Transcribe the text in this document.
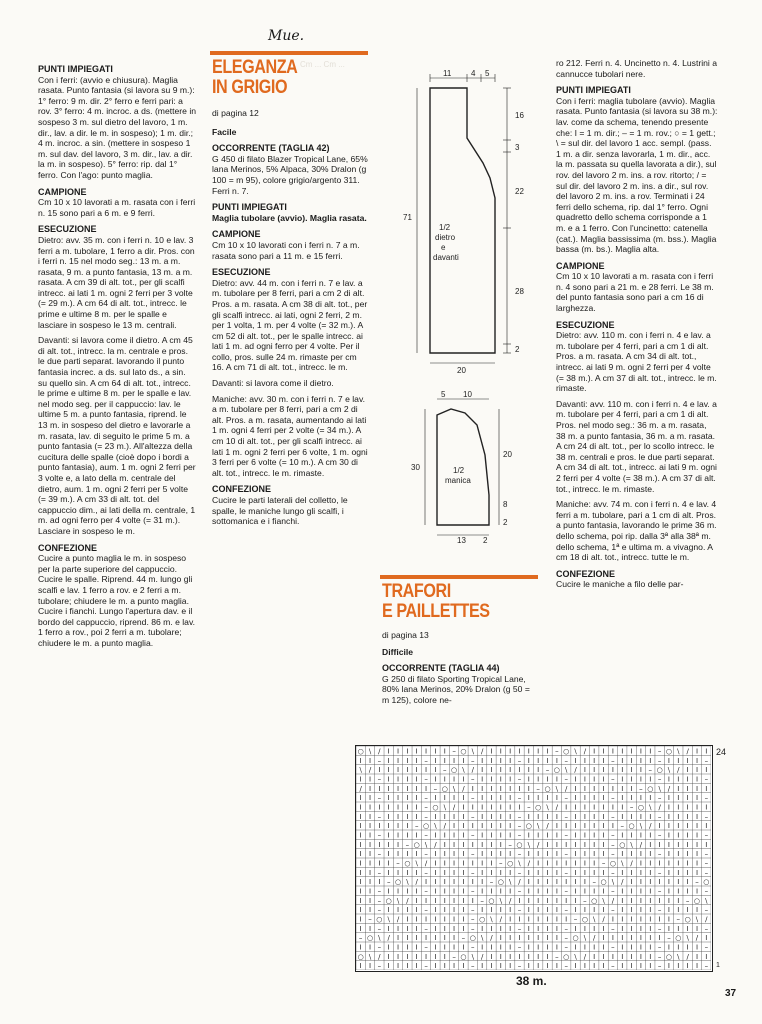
Cm ... Cm ...
Mue.
PUNTI IMPIEGATI

Con i ferri: (avvio e chiusura). Maglia rasata. Punto fantasia (si lavora su 9 m.): 1° ferro: 9 m. dir. 2° ferro e ferri pari: a rov. 3° ferro: 4 m. incroc. a ds. (mettere in sospeso 3 m. sul dietro del lavoro, 1 m. dir., lav. a dir. le m. in sospeso); 1 m. dir.; 4 m. incroc. a sin. (mettere in sospeso 1 m. sul dav. del lavoro, 3 m. dir., lav. a dir. la m. in sospeso). 5° ferro: rip. dal 1° ferro. Con l'ago: punto maglia.

CAMPIONE

Cm 10 x 10 lavorati a m. rasata con i ferri n. 15 sono pari a 6 m. e 9 ferri.

ESECUZIONE

Dietro: avv. 35 m. con i ferri n. 10 e lav. 3 ferri a m. tubolare, 1 ferro a dir. Pros. con i ferri n. 15 nel modo seg.: 13 m. a m. rasata, 9 m. a punto fantasia, 13 m. a m. rasata. A cm 39 di alt. tot., per gli scalfi intrecc. ai lati 1 m. ogni 2 ferri per 3 volte (= 29 m.). A cm 64 di alt. tot., intrecc. le prime e ultime 8 m. per le spalle e lasciare in sospeso le 13 m. centrali.

Davanti: si lavora come il dietro. A cm 45 di alt. tot., intrecc. la m. centrale e pros. le due parti separat. lavorando il punto fantasia increc. a ds. sul lato ds., a sin. su quello sin. A cm 64 di alt. tot., intrecc. le prime e ultime 8 m. per le spalle e lav. nel modo seg. per il cappuccio: lav. le ultime 5 m. a punto fantasia, riprend. le 13 m. in sospeso del dietro e lavorarle a m. rasata, lav. di seguito le prime 5 m. a punto fantasia (= 23 m.). All'altezza della cucitura delle spalle (cioè dopo i bordi a punto fantasia), aum. 1 m. ogni 2 ferri per 3 volte e, a lato della m. centrale del dietro, aum. 1 m. ogni 2 ferri per 5 volte (= 39 m.). A cm 33 di alt. tot. del cappuccio dim., ai lati della m. centrale, 1 m. ad ogni ferro per 4 volte (= 31 m.). Lasciare in sospeso le m.

CONFEZIONE

Cucire a punto maglia le m. in sospeso per la parte superiore del cappuccio. Cucire le spalle. Riprend. 44 m. lungo gli scalfi e lav. 1 ferro a rov. e 2 ferri a m. tubolare; chiudere le m. a punto maglia. Cucire i fianchi. Lungo l'apertura dav. e il bordo del cappuccio, riprend. 86 m. e lav. 1 ferro a rov., poi 2 ferri a m. tubolare; chiudere le m. a punto maglia.

ELEGANZA
IN GRIGIO

di pagina 12

Facile

OCCORRENTE (TAGLIA 42)

G 450 di filato Blazer Tropical Lane, 65% lana Merinos, 5% Alpaca, 30% Dralon (g 100 = m 95), colore grigio/argento 311. Ferri n. 7.

PUNTI IMPIEGATI

Maglia tubolare (avvio). Maglia rasata.

CAMPIONE

Cm 10 x 10 lavorati con i ferri n. 7 a m. rasata sono pari a 11 m. e 15 ferri.

ESECUZIONE

Dietro: avv. 44 m. con i ferri n. 7 e lav. a m. tubolare per 8 ferri, pari a cm 2 di alt. Pros. a m. rasata. A cm 38 di alt. tot., per gli scalfi intrecc. ai lati, ogni 2 ferri, 2 m. per 1 volta, 1 m. per 4 volte (= 32 m.). A cm 52 di alt. tot., per le spalle intrecc. ai lati 1 m. ad ogni ferro per 4 volte. Per il collo, pros. sulle 24 m. rimaste per cm 16. A cm 71 di alt. tot., intrecc. le m.

Davanti: si lavora come il dietro.

Maniche: avv. 30 m. con i ferri n. 7 e lav. a m. tubolare per 8 ferri, pari a cm 2 di alt. Pros. a m. rasata, aumentando ai lati 1 m. ogni 4 ferri per 2 volte (= 34 m.). A cm 10 di alt. tot., per gli scalfi intrecc. ai lati 1 m. ogni 2 ferri per 6 volte, 1 m. ogni 3 ferri per 6 volte (= 10 m.). A cm 30 di alt. tot., intrecc. le m. rimaste.

CONFEZIONE

Cucire le parti laterali del colletto, le spalle, le maniche lungo gli scalfi, i sottomanica e i fianchi.

11 4 5
16
3
22
28
2
71
1/2
dietro
e
davanti
20
5 10
20
8
2
30	1/2
manica
13 2
TRAFORI
E PAILLETTES

di pagina 13

Difficile

OCCORRENTE (TAGLIA 44)

G 250 di filato Sporting Tropical Lane, 80% lana Merinos, 20% Dralon (g 50 = m 125), colore ne-

ro 212. Ferri n. 4. Uncinetto n. 4. Lustrini a cannucce tubolari nere.

PUNTI IMPIEGATI

Con i ferri: maglia tubolare (avvio). Maglia rasata. Punto fantasia (si lavora su 38 m.): lav. come da schema, tenendo presente che: I = 1 m. dir.; – = 1 m. rov.; ○ = 1 gett.; \ = sul dir. del lavoro 1 acc. sempl. (pass. 1 m. a dir. senza lavorarla, 1 m. dir., acc. la m. passata su quella lavorata a dir.), sul rov. del lavoro 2 m. ins. a rov. ritorto; / = sul dir. del lavoro 2 m. ins. a dir., sul rov. del lavoro 2 m. ins. a rov. Terminati i 24 ferri dello schema, rip. dal 1° ferro. Ogni quadretto dello schema corrisponde a 1 m. e a 1 ferro. Con l'uncinetto: catenella (cat.). Maglia bassissima (m. bss.). Maglia bassa (m. bs.). Maglia alta.

CAMPIONE

Cm 10 x 10 lavorati a m. rasata con i ferri n. 4 sono pari a 21 m. e 28 ferri. Le 38 m. del punto fantasia sono pari a cm 16 di larghezza.

ESECUZIONE

Dietro: avv. 110 m. con i ferri n. 4 e lav. a m. tubolare per 4 ferri, pari a cm 1 di alt. Pros. a m. rasata. A cm 34 di alt. tot., intrecc. ai lati 9 m. ogni 2 ferri per 4 volte (= 38 m.). A cm 37 di alt. tot., intrecc. le m. rimaste.

Davanti: avv. 110 m. con i ferri n. 4 e lav. a m. tubolare per 4 ferri, pari a cm 1 di alt. Pros. nel modo seg.: 36 m. a m. rasata, 38 m. a punto fantasia, 36 m. a m. rasata. A cm 24 di alt. tot., per lo scollo intrecc. le 38 m. centrali e pros. le due parti separat. A cm 34 di alt. tot., intrecc. ai lati 9 m. ogni 2 ferri per 4 volte (= 38 m.). A cm 37 di alt. tot., intrecc. le m. rimaste.

Maniche: avv. 74 m. con i ferri n. 4 e lav. 4 ferri a m. tubolare, pari a 1 cm di alt. Pros. a punto fantasia, lavorando le prime 36 m. dello schema, poi rip. dalla 3ª alla 38ª m. dello schema, 1ª e ultima m. a vivagno. A cm 18 di alt. tot., intrecc. tutte le m.

CONFEZIONE

Cucire le maniche a filo delle par-

○ \ / I I I I I I I – ○ \ / I I I I I I I – ○ \ / I I I I I I I – ○ \ / I I
I I – I I I I – I I I I – I I I I – I I I I – I I I I – I I I I – I I I I –
\ / I I I I I I I – ○ \ / I I I I I I I – ○ \ / I I I I I I I – ○ \ / I I I
I I – I I I I – I I I I – I I I I – I I I I – I I I I – I I I I – I I I I –
/ I I I I I I I – ○ \ / I I I I I I I – ○ \ / I I I I I I I – ○ \ / I I I I
I I – I I I I – I I I I – I I I I – I I I I – I I I I – I I I I – I I I I –
I I I I I I I – ○ \ / I I I I I I I – ○ \ / I I I I I I I – ○ \ / I I I I I
I I – I I I I – I I I I – I I I I – I I I I – I I I I – I I I I – I I I I –
I I I I I I – ○ \ / I I I I I I I – ○ \ / I I I I I I I – ○ \ / I I I I I I
I I – I I I I – I I I I – I I I I – I I I I – I I I I – I I I I – I I I I –
I I I I I – ○ \ / I I I I I I I – ○ \ / I I I I I I I – ○ \ / I I I I I I I
I I – I I I I – I I I I – I I I I – I I I I – I I I I – I I I I – I I I I –
I I I I – ○ \ / I I I I I I I – ○ \ / I I I I I I I – ○ \ / I I I I I I I –
I I – I I I I – I I I I – I I I I – I I I I – I I I I – I I I I – I I I I –
I I I – ○ \ / I I I I I I I – ○ \ / I I I I I I I – ○ \ / I I I I I I I – ○
I I – I I I I – I I I I – I I I I – I I I I – I I I I – I I I I – I I I I –
I I – ○ \ / I I I I I I I – ○ \ / I I I I I I I – ○ \ / I I I I I I I – ○ \
I I – I I I I – I I I I – I I I I – I I I I – I I I I – I I I I – I I I I –
I – ○ \ / I I I I I I I – ○ \ / I I I I I I I – ○ \ / I I I I I I I – ○ \ /
I I – I I I I – I I I I – I I I I – I I I I – I I I I – I I I I – I I I I –
– ○ \ / I I I I I I I – ○ \ / I I I I I I I – ○ \ / I I I I I I I – ○ \ / I
I I – I I I I – I I I I – I I I I – I I I I – I I I I – I I I I – I I I I –
○ \ / I I I I I I I – ○ \ / I I I I I I I – ○ \ / I I I I I I I – ○ \ / I I
I I – I I I I – I I I I – I I I I – I I I I – I I I I – I I I I – I I I I –
24
1
38 m.
37
